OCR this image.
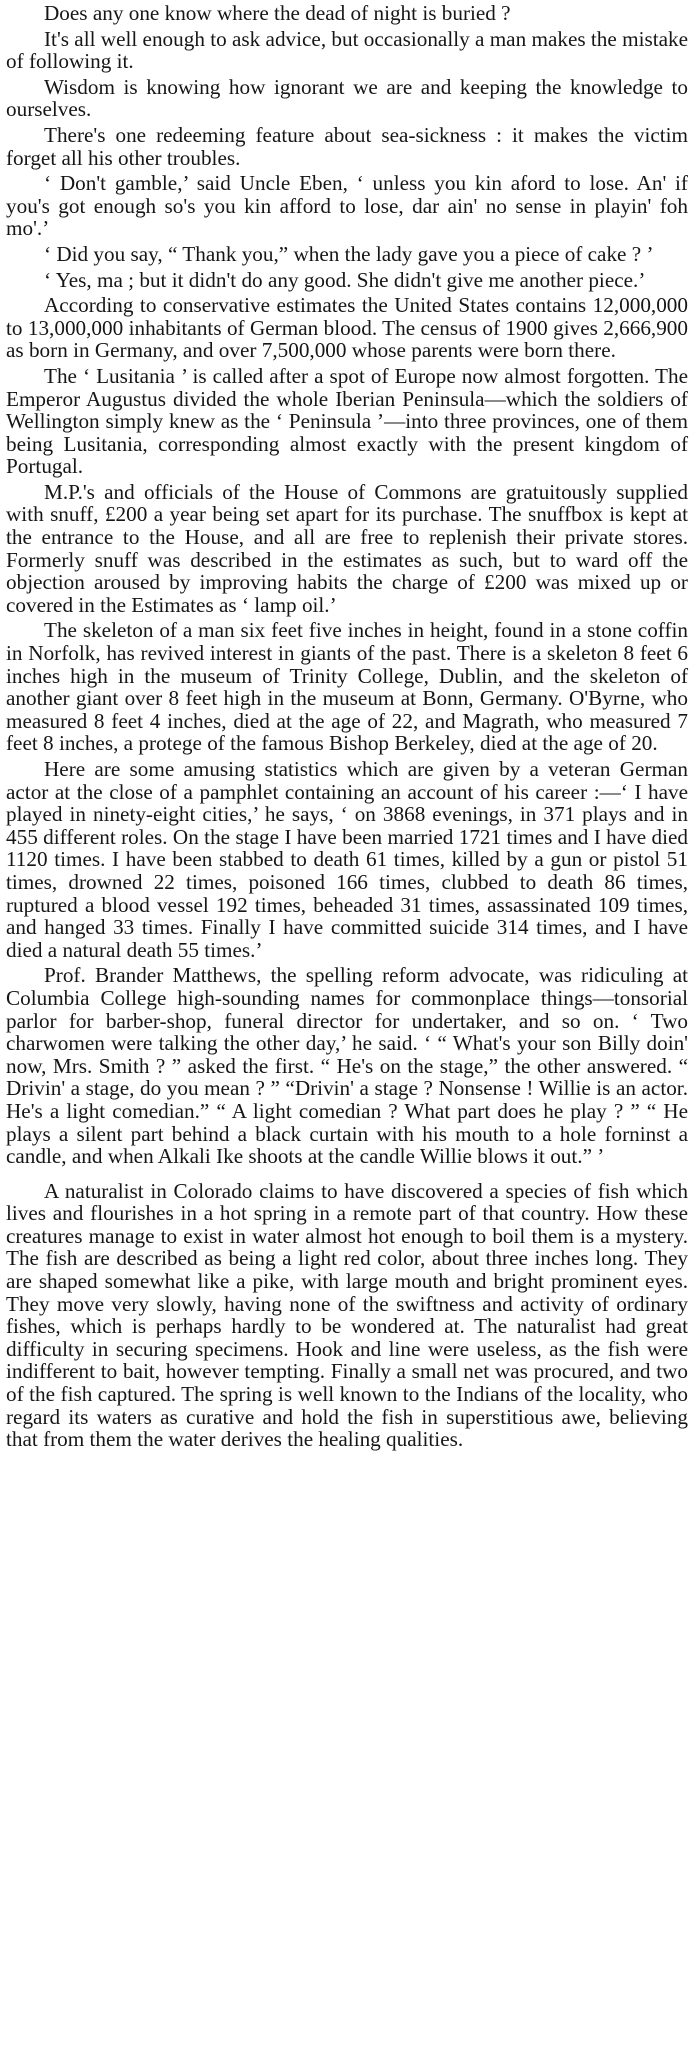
Does any one know where the dead of night is buried ?

It's all well enough to ask advice, but occasionally a man makes the mistake of following it.

Wisdom is knowing how ignorant we are and keeping the knowledge to ourselves.

There's one redeeming feature about sea-sickness : it makes the victim forget all his other troubles.

‘ Don't gamble,’ said Uncle Eben, ‘ unless you kin aford to lose. An' if you's got enough so's you kin afford to lose, dar ain' no sense in playin' foh mo'.’

‘ Did you say, “ Thank you,” when the lady gave you a piece of cake ? ’

‘ Yes, ma ; but it didn't do any good. She didn't give me another piece.’

According to conservative estimates the United States contains 12,000,000 to 13,000,000 inhabitants of German blood. The census of 1900 gives 2,666,900 as born in Germany, and over 7,500,000 whose parents were born there.

The ‘ Lusitania ’ is called after a spot of Europe now almost forgotten. The Emperor Augustus divided the whole Iberian Peninsula—which the soldiers of Wellington simply knew as the ‘ Peninsula ’—into three provinces, one of them being Lusitania, corresponding almost exactly with the present kingdom of Portugal.

M.P.'s and officials of the House of Commons are gratuitously supplied with snuff, £200 a year being set apart for its purchase. The snuffbox is kept at the entrance to the House, and all are free to replenish their private stores. Formerly snuff was described in the estimates as such, but to ward off the objection aroused by improving habits the charge of £200 was mixed up or covered in the Estimates as ‘ lamp oil.’

The skeleton of a man six feet five inches in height, found in a stone coffin in Norfolk, has revived interest in giants of the past. There is a skeleton 8 feet 6 inches high in the museum of Trinity College, Dublin, and the skeleton of another giant over 8 feet high in the museum at Bonn, Germany. O'Byrne, who measured 8 feet 4 inches, died at the age of 22, and Magrath, who measured 7 feet 8 inches, a protege of the famous Bishop Berkeley, died at the age of 20.

Here are some amusing statistics which are given by a veteran German actor at the close of a pamphlet containing an account of his career :—‘ I have played in ninety-eight cities,’ he says, ‘ on 3868 evenings, in 371 plays and in 455 different roles. On the stage I have been married 1721 times and I have died 1120 times. I have been stabbed to death 61 times, killed by a gun or pistol 51 times, drowned 22 times, poisoned 166 times, clubbed to death 86 times, ruptured a blood vessel 192 times, beheaded 31 times, assassinated 109 times, and hanged 33 times. Finally I have committed suicide 314 times, and I have died a natural death 55 times.’

Prof. Brander Matthews, the spelling reform advocate, was ridiculing at Columbia College high-sounding names for commonplace things—tonsorial parlor for barber-shop, funeral director for undertaker, and so on. ‘ Two charwomen were talking the other day,’ he said. ‘ “ What's your son Billy doin' now, Mrs. Smith ? ” asked the first. “ He's on the stage,” the other answered. “ Drivin' a stage, do you mean ? ” “Drivin' a stage ? Nonsense ! Willie is an actor. He's a light comedian.” “ A light comedian ? What part does he play ? ” “ He plays a silent part behind a black curtain with his mouth to a hole forninst a candle, and when Alkali Ike shoots at the candle Willie blows it out.” ’

A naturalist in Colorado claims to have discovered a species of fish which lives and flourishes in a hot spring in a remote part of that country. How these creatures manage to exist in water almost hot enough to boil them is a mystery. The fish are described as being a light red color, about three inches long. They are shaped somewhat like a pike, with large mouth and bright prominent eyes. They move very slowly, having none of the swiftness and activity of ordinary fishes, which is perhaps hardly to be wondered at. The naturalist had great difficulty in securing specimens. Hook and line were useless, as the fish were indifferent to bait, however tempting. Finally a small net was procured, and two of the fish captured. The spring is well known to the Indians of the locality, who regard its waters as curative and hold the fish in superstitious awe, believing that from them the water derives the healing qualities.
